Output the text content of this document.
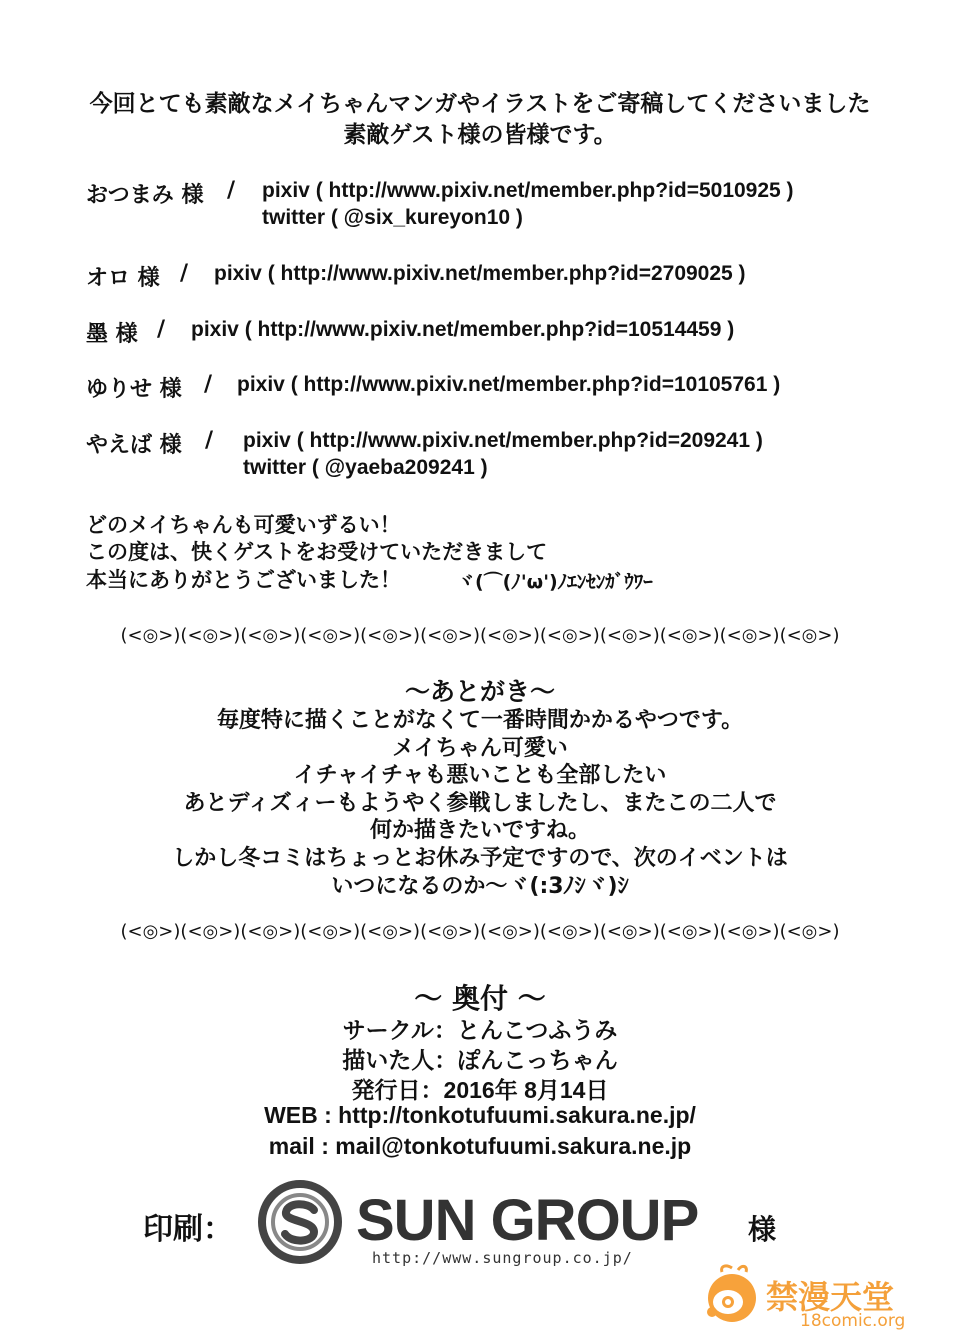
今回とても素敵なメイちゃんマンガやイラストをご寄稿してくださいました
素敵ゲスト様の皆様です。
おつまみ 様 / pixiv ( http://www.pixiv.net/member.php?id=5010925 )
twitter ( @six_kureyon10 )
オロ 様 / pixiv ( http://www.pixiv.net/member.php?id=2709025 )
墨 様 / pixiv ( http://www.pixiv.net/member.php?id=10514459 )
ゆりせ 様 / pixiv ( http://www.pixiv.net/member.php?id=10105761 )
やえば 様 / pixiv ( http://www.pixiv.net/member.php?id=209241 )
twitter ( @yaeba209241 )
どのメイちゃんも可愛いずるい！
この度は、快くゲストをお受けていただきまして
本当にありがとうございました！	ヾ(⌒(ﾉ'ω')ﾉｴﾝｾﾝｶﾞｳﾜｰ
(<◎>)(<◎>)(<◎>)(<◎>)(<◎>)(<◎>)(<◎>)(<◎>)(<◎>)(<◎>)(<◎>)(<◎>)
～あとがき～
毎度特に描くことがなくて一番時間かかるやつです。
メイちゃん可愛い
イチャイチャも悪いことも全部したい
あとディズィーもようやく参戦しましたし、またこの二人で
何か描きたいですね。
しかし冬コミはちょっとお休み予定ですので、次のイベントは
いつになるのか～ヾ(:3ﾉｼヾ)ｼ
(<◎>)(<◎>)(<◎>)(<◎>)(<◎>)(<◎>)(<◎>)(<◎>)(<◎>)(<◎>)(<◎>)(<◎>)
～ 奥付 ～
サークル：とんこつふうみ
描いた人：ぽんこっちゃん
発行日：2016年 8月14日
WEB : http://tonkotufuumi.sakura.ne.jp/
mail : mail@tonkotufuumi.sakura.ne.jp
印刷： SUN GROUP
http://www.sungroup.co.jp/
様
禁漫天堂
18comic.org
